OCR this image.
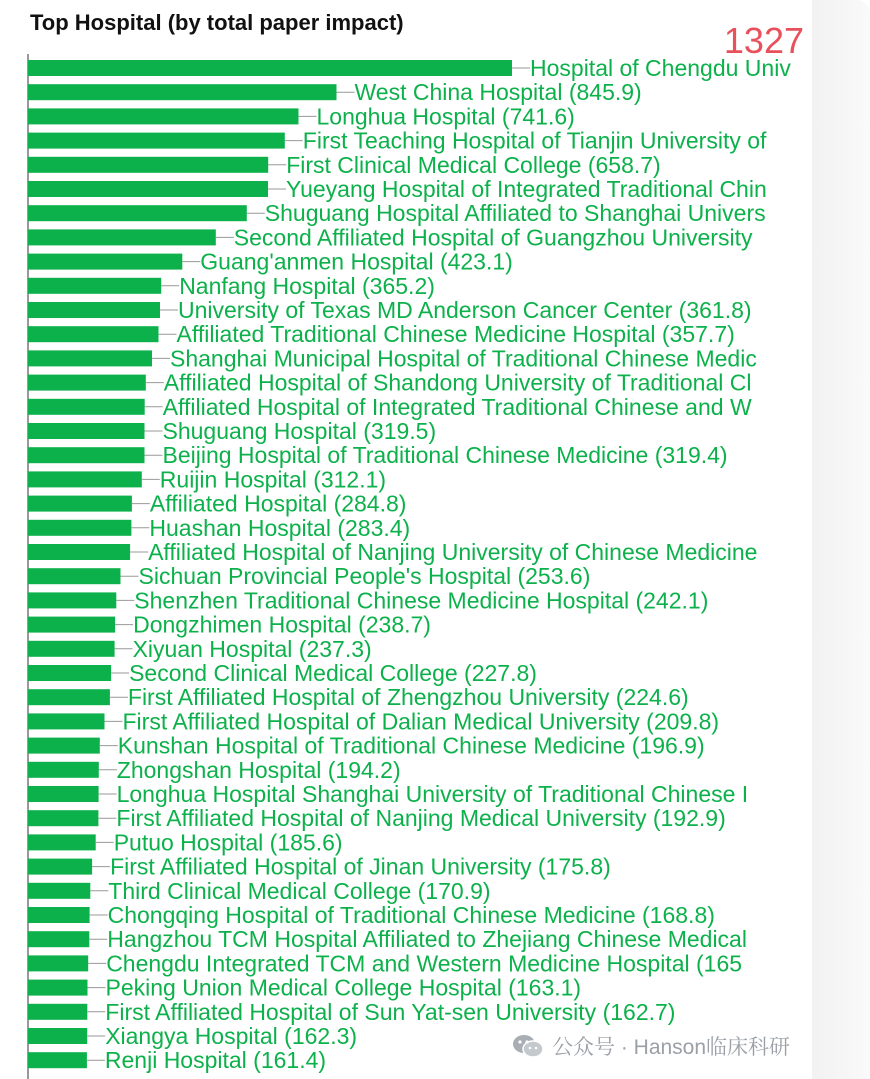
Hospital of Chengdu Univ
West China Hospital (845.9)
Longhua Hospital (741.6)
First Teaching Hospital of Tianjin University of
First Clinical Medical College (658.7)
Yueyang Hospital of Integrated Traditional Chin
Shuguang Hospital Affiliated to Shanghai Univers
Second Affiliated Hospital of Guangzhou University
Guang'anmen Hospital (423.1)
Nanfang Hospital (365.2)
University of Texas MD Anderson Cancer Center (361.8)
Affiliated Traditional Chinese Medicine Hospital (357.7)
Shanghai Municipal Hospital of Traditional Chinese Medic
Affiliated Hospital of Shandong University of Traditional Cl
Affiliated Hospital of Integrated Traditional Chinese and W
Shuguang Hospital (319.5)
Beijing Hospital of Traditional Chinese Medicine (319.4)
Ruijin Hospital (312.1)
Affiliated Hospital (284.8)
Huashan Hospital (283.4)
Affiliated Hospital of Nanjing University of Chinese Medicine
Sichuan Provincial People's Hospital (253.6)
Shenzhen Traditional Chinese Medicine Hospital (242.1)
Dongzhimen Hospital (238.7)
Xiyuan Hospital (237.3)
Second Clinical Medical College (227.8)
First Affiliated Hospital of Zhengzhou University (224.6)
First Affiliated Hospital of Dalian Medical University (209.8)
Kunshan Hospital of Traditional Chinese Medicine (196.9)
Zhongshan Hospital (194.2)
Longhua Hospital Shanghai University of Traditional Chinese I
First Affiliated Hospital of Nanjing Medical University (192.9)
Putuo Hospital (185.6)
First Affiliated Hospital of Jinan University (175.8)
Third Clinical Medical College (170.9)
Chongqing Hospital of Traditional Chinese Medicine (168.8)
Hangzhou TCM Hospital Affiliated to Zhejiang Chinese Medical
Chengdu Integrated TCM and Western Medicine Hospital (165
Peking Union Medical College Hospital (163.1)
First Affiliated Hospital of Sun Yat-sen University (162.7)
Xiangya Hospital (162.3)
Renji Hospital (161.4)
Top Hospital (by total paper impact)	1327
公众号 · Hanson临床科研
